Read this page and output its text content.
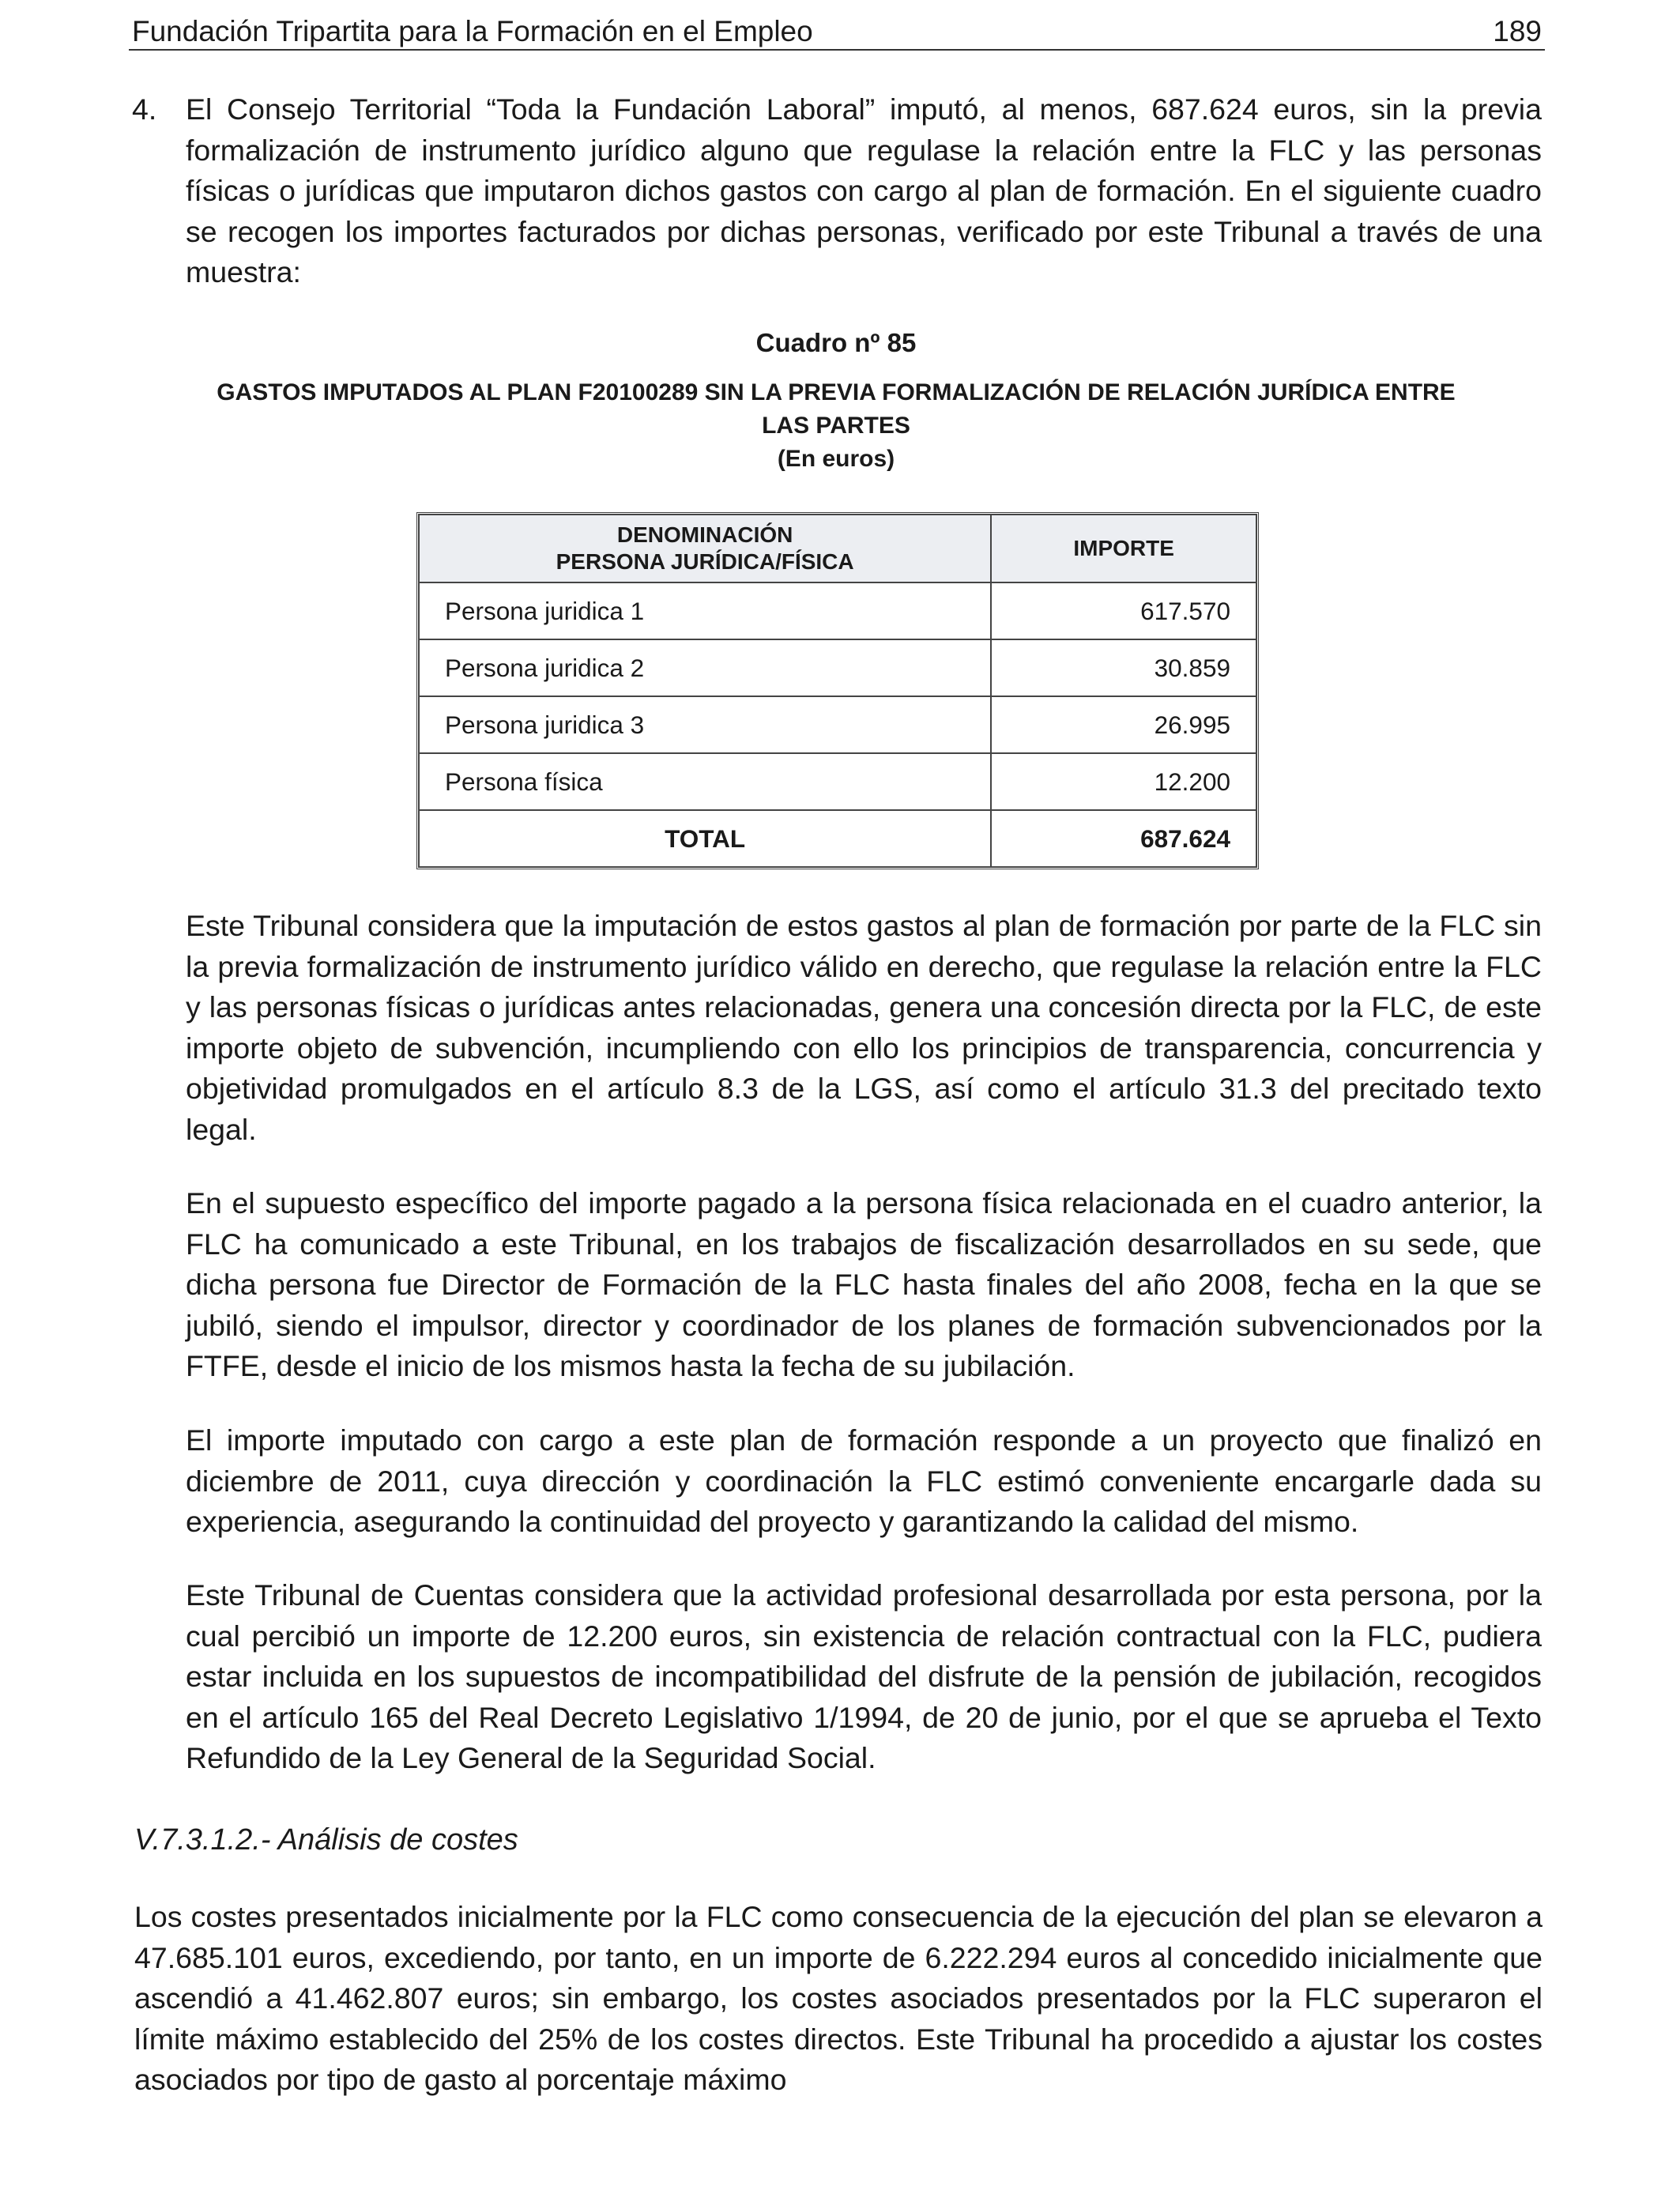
Fundación Tripartita para la Formación en el Empleo	189
4. El Consejo Territorial “Toda la Fundación Laboral” imputó, al menos, 687.624 euros, sin la previa formalización de instrumento jurídico alguno que regulase la relación entre la FLC y las personas físicas o jurídicas que imputaron dichos gastos con cargo al plan de formación. En el siguiente cuadro se recogen los importes facturados por dichas personas, verificado por este Tribunal a través de una muestra:

Cuadro nº 85
GASTOS IMPUTADOS AL PLAN F20100289 SIN LA PREVIA FORMALIZACIÓN DE RELACIÓN JURÍDICA ENTRE
LAS PARTES
(En euros)
DENOMINACIÓN
PERSONA JURÍDICA/FÍSICA	IMPORTE
Persona juridica 1	617.570
Persona juridica 2	30.859
Persona juridica 3	26.995
Persona física	12.200
TOTAL	687.624

Este Tribunal considera que la imputación de estos gastos al plan de formación por parte de la FLC sin la previa formalización de instrumento jurídico válido en derecho, que regulase la relación entre la FLC y las personas físicas o jurídicas antes relacionadas, genera una concesión directa por la FLC, de este importe objeto de subvención, incumpliendo con ello los principios de transparencia, concurrencia y objetividad promulgados en el artículo 8.3 de la LGS, así como el artículo 31.3 del precitado texto legal.

En el supuesto específico del importe pagado a la persona física relacionada en el cuadro anterior, la FLC ha comunicado a este Tribunal, en los trabajos de fiscalización desarrollados en su sede, que dicha persona fue Director de Formación de la FLC hasta finales del año 2008, fecha en la que se jubiló, siendo el impulsor, director y coordinador de los planes de formación subvencionados por la FTFE, desde el inicio de los mismos hasta la fecha de su jubilación.

El importe imputado con cargo a este plan de formación responde a un proyecto que finalizó en diciembre de 2011, cuya dirección y coordinación la FLC estimó conveniente encargarle dada su experiencia, asegurando la continuidad del proyecto y garantizando la calidad del mismo.

Este Tribunal de Cuentas considera que la actividad profesional desarrollada por esta persona, por la cual percibió un importe de 12.200 euros, sin existencia de relación contractual con la FLC, pudiera estar incluida en los supuestos de incompatibilidad del disfrute de la pensión de jubilación, recogidos en el artículo 165 del Real Decreto Legislativo 1/1994, de 20 de junio, por el que se aprueba el Texto Refundido de la Ley General de la Seguridad Social.

V.7.3.1.2.- Análisis de costes

Los costes presentados inicialmente por la FLC como consecuencia de la ejecución del plan se elevaron a 47.685.101 euros, excediendo, por tanto, en un importe de 6.222.294 euros al concedido inicialmente que ascendió a 41.462.807 euros; sin embargo, los costes asociados presentados por la FLC superaron el límite máximo establecido del 25% de los costes directos. Este Tribunal ha procedido a ajustar los costes asociados por tipo de gasto al porcentaje máximo
